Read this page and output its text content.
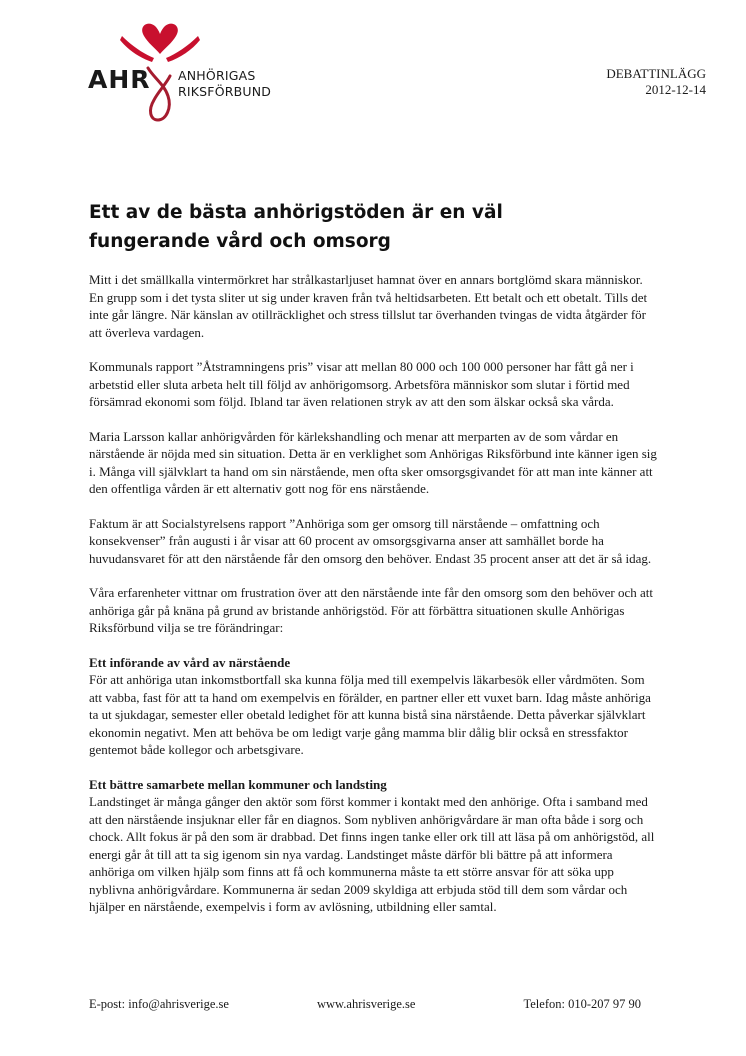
AHR ANHÖRIGAS
RIKSFÖRBUND
DEBATTINLÄGG
2012-12-14
Ett av de bästa anhörigstöden är en väl fungerande vård och omsorg

Mitt i det smällkalla vintermörkret har strålkastarljuset hamnat över en annars bortglömd skara människor. En grupp som i det tysta sliter ut sig under kraven från två heltidsarbeten. Ett betalt och ett obetalt. Tills det inte går längre. När känslan av otillräcklighet och stress tillslut tar överhanden tvingas de vidta åtgärder för att överleva vardagen.

Kommunals rapport ”Åtstramningens pris” visar att mellan 80 000 och 100 000 personer har fått gå ner i arbetstid eller sluta arbeta helt till följd av anhörigomsorg. Arbetsföra människor som slutar i förtid med försämrad ekonomi som följd. Ibland tar även relationen stryk av att den som älskar också ska vårda.

Maria Larsson kallar anhörigvården för kärlekshandling och menar att merparten av de som vårdar en närstående är nöjda med sin situation. Detta är en verklighet som Anhörigas Riksförbund inte känner igen sig i. Många vill självklart ta hand om sin närstående, men ofta sker omsorgsgivandet för att man inte känner att den offentliga vården är ett alternativ gott nog för ens närstående.

Faktum är att Socialstyrelsens rapport ”Anhöriga som ger omsorg till närstående – omfattning och konsekvenser” från augusti i år visar att 60 procent av omsorgsgivarna anser att samhället borde ha huvudansvaret för att den närstående får den omsorg den behöver. Endast 35 procent anser att det är så idag.

Våra erfarenheter vittnar om frustration över att den närstående inte får den omsorg som den behöver och att anhöriga går på knäna på grund av bristande anhörigstöd. För att förbättra situationen skulle Anhörigas Riksförbund vilja se tre förändringar:

Ett införande av vård av närstående

För att anhöriga utan inkomstbortfall ska kunna följa med till exempelvis läkarbesök eller vårdmöten. Som att vabba, fast för att ta hand om exempelvis en förälder, en partner eller ett vuxet barn. Idag måste anhöriga ta ut sjukdagar, semester eller obetald ledighet för att kunna bistå sina närstående. Detta påverkar självklart ekonomin negativt. Men att behöva be om ledigt varje gång mamma blir dålig blir också en stressfaktor gentemot både kollegor och arbetsgivare.

Ett bättre samarbete mellan kommuner och landsting

Landstinget är många gånger den aktör som först kommer i kontakt med den anhörige. Ofta i samband med att den närstående insjuknar eller får en diagnos. Som nybliven anhörigvårdare är man ofta både i sorg och chock. Allt fokus är på den som är drabbad. Det finns ingen tanke eller ork till att läsa på om anhörigstöd, all energi går åt till att ta sig igenom sin nya vardag. Landstinget måste därför bli bättre på att informera anhöriga om vilken hjälp som finns att få och kommunerna måste ta ett större ansvar för att söka upp nyblivna anhörigvårdare. Kommunerna är sedan 2009 skyldiga att erbjuda stöd till dem som vårdar och hjälper en närstående, exempelvis i form av avlösning, utbildning eller samtal.

E-post: info@ahrisverige.se	www.ahrisverige.se	Telefon: 010-207 97 90
